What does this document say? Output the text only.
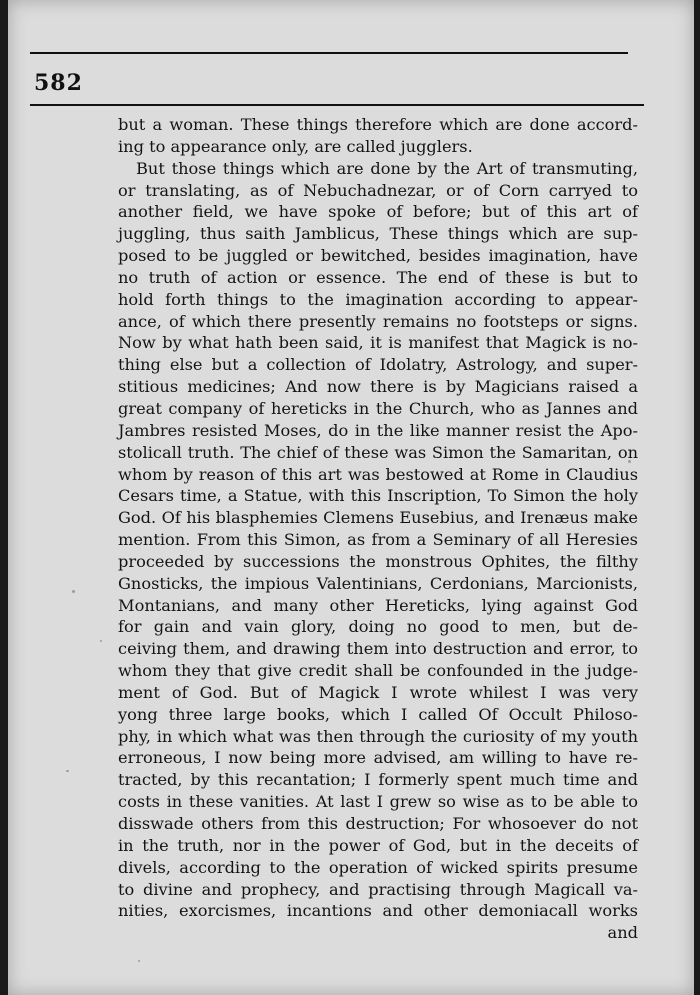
582
but a woman. These things therefore which are done accord-
ing to appearance only, are called jugglers.
But those things which are done by the Art of transmuting,
or translating, as of Nebuchadnezar, or of Corn carryed to
another field, we have spoke of before; but of this art of
juggling, thus saith Jamblicus, These things which are sup-
posed to be juggled or bewitched, besides imagination, have
no truth of action or essence. The end of these is but to
hold forth things to the imagination according to appear-
ance, of which there presently remains no footsteps or signs.
Now by what hath been said, it is manifest that Magick is no-
thing else but a collection of Idolatry, Astrology, and super-
stitious medicines; And now there is by Magicians raised a
great company of hereticks in the Church, who as Jannes and
Jambres resisted Moses, do in the like manner resist the Apo-
stolicall truth. The chief of these was Simon the Samaritan, on
whom by reason of this art was bestowed at Rome in Claudius
Cesars time, a Statue, with this Inscription, To Simon the holy
God. Of his blasphemies Clemens Eusebius, and Irenæus make
mention. From this Simon, as from a Seminary of all Heresies
proceeded by successions the monstrous Ophites, the filthy
Gnosticks, the impious Valentinians, Cerdonians, Marcionists,
Montanians, and many other Hereticks, lying against God
for gain and vain glory, doing no good to men, but de-
ceiving them, and drawing them into destruction and error, to
whom they that give credit shall be confounded in the judge-
ment of God. But of Magick I wrote whilest I was very
yong three large books, which I called Of Occult Philoso-
phy, in which what was then through the curiosity of my youth
erroneous, I now being more advised, am willing to have re-
tracted, by this recantation; I formerly spent much time and
costs in these vanities. At last I grew so wise as to be able to
disswade others from this destruction; For whosoever do not
in the truth, nor in the power of God, but in the deceits of
divels, according to the operation of wicked spirits presume
to divine and prophecy, and practising through Magicall va-
nities, exorcismes, incantions and other demoniacall works
and
